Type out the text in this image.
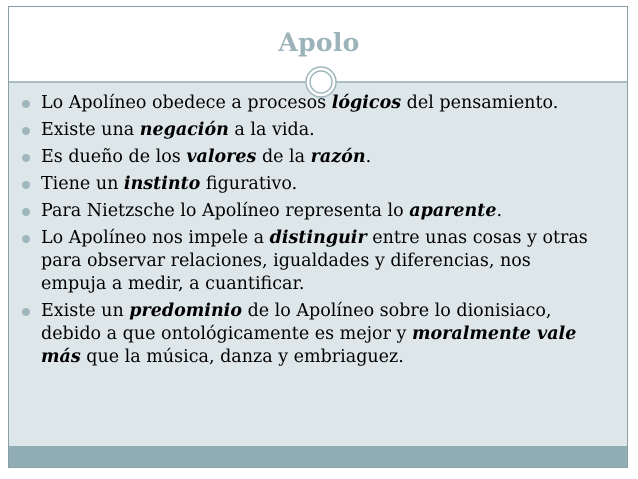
Apolo
Lo Apolíneo obedece a procesos lógicos del pensamiento.
Existe una negación a la vida.
Es dueño de los valores de la razón.
Tiene un instinto figurativo.
Para Nietzsche lo Apolíneo representa lo aparente.
Lo Apolíneo nos impele a distinguir entre unas cosas y otras para observar relaciones, igualdades y diferencias, nos empuja a medir, a cuantificar.
Existe un predominio de lo Apolíneo sobre lo dionisiaco, debido a que ontológicamente es mejor y moralmente vale más que la música, danza y embriaguez.
